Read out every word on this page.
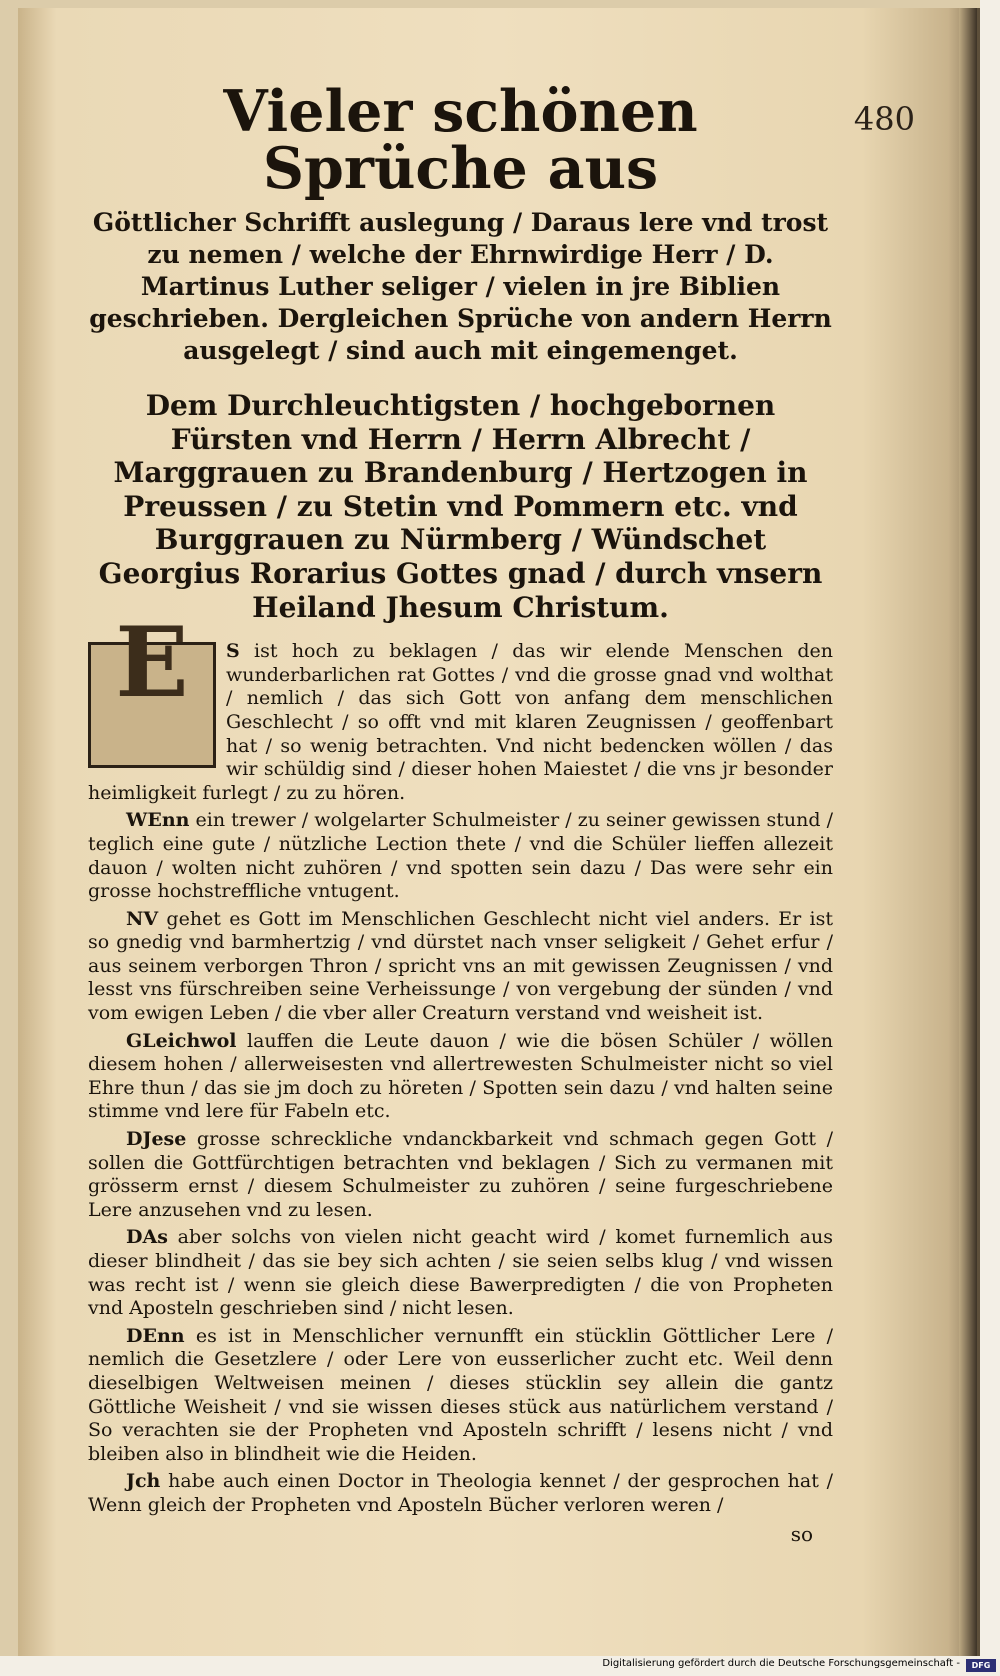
480
Vieler schönen Sprüche aus
Göttlicher Schrifft auslegung / Daraus lere vnd trost zu nemen / welche der Ehrnwirdige Herr / D. Martinus Luther seliger / vielen in jre Biblien geschrieben. Dergleichen Sprüche von andern Herrn ausgelegt / sind auch mit eingemenget.
Dem Durchleuchtigsten / hochgebornen Fürsten vnd Herrn / Herrn Albrecht / Marggrauen zu Brandenburg / Hertzogen in Preussen / zu Stetin vnd Pommern etc. vnd Burggrauen zu Nürmberg / Wündschet Georgius Rorarius Gottes gnad / durch vnsern Heiland Jhesum Christum.
E	S ist hoch zu beklagen / das wir elende Menschen den wunderbarlichen rat Gottes / vnd die grosse gnad vnd wolthat / nemlich / das sich Gott von anfang dem menschlichen Geschlecht / so offt vnd mit klaren Zeugnissen / geoffenbart hat / so wenig betrachten. Vnd nicht bedencken wöllen / das wir schüldig sind / dieser hohen Maiestet / die vns jr besonder heimligkeit furlegt / zu zu hören.
WEnn ein trewer / wolgelarter Schulmeister / zu seiner gewissen stund / teglich eine gute / nützliche Lection thete / vnd die Schüler lieffen allezeit dauon / wolten nicht zuhören / vnd spotten sein dazu / Das were sehr ein grosse hochstreffliche vntugent.
NV gehet es Gott im Menschlichen Geschlecht nicht viel anders. Er ist so gnedig vnd barmhertzig / vnd dürstet nach vnser seligkeit / Gehet erfur / aus seinem verborgen Thron / spricht vns an mit gewissen Zeugnissen / vnd lesst vns fürschreiben seine Verheissunge / von vergebung der sünden / vnd vom ewigen Leben / die vber aller Creaturn verstand vnd weisheit ist.
GLeichwol lauffen die Leute dauon / wie die bösen Schüler / wöllen diesem hohen / allerweisesten vnd allertrewesten Schulmeister nicht so viel Ehre thun / das sie jm doch zu höreten / Spotten sein dazu / vnd halten seine stimme vnd lere für Fabeln etc.
DJese grosse schreckliche vndanckbarkeit vnd schmach gegen Gott / sollen die Gottfürchtigen betrachten vnd beklagen / Sich zu vermanen mit grösserm ernst / diesem Schulmeister zu zuhören / seine furgeschriebene Lere anzusehen vnd zu lesen.
DAs aber solchs von vielen nicht geacht wird / komet furnemlich aus dieser blindheit / das sie bey sich achten / sie seien selbs klug / vnd wissen was recht ist / wenn sie gleich diese Bawerpredigten / die von Propheten vnd Aposteln geschrieben sind / nicht lesen.
DEnn es ist in Menschlicher vernunfft ein stücklin Göttlicher Lere / nemlich die Gesetzlere / oder Lere von eusserlicher zucht etc. Weil denn dieselbigen Weltweisen meinen / dieses stücklin sey allein die gantz Göttliche Weisheit / vnd sie wissen dieses stück aus natürlichem verstand / So verachten sie der Propheten vnd Aposteln schrifft / lesens nicht / vnd bleiben also in blindheit wie die Heiden.
Jch habe auch einen Doctor in Theologia kennet / der gesprochen hat / Wenn gleich der Propheten vnd Aposteln Bücher verloren weren /
so
Digitalisierung gefördert durch die Deutsche Forschungsgemeinschaft -	DFG
